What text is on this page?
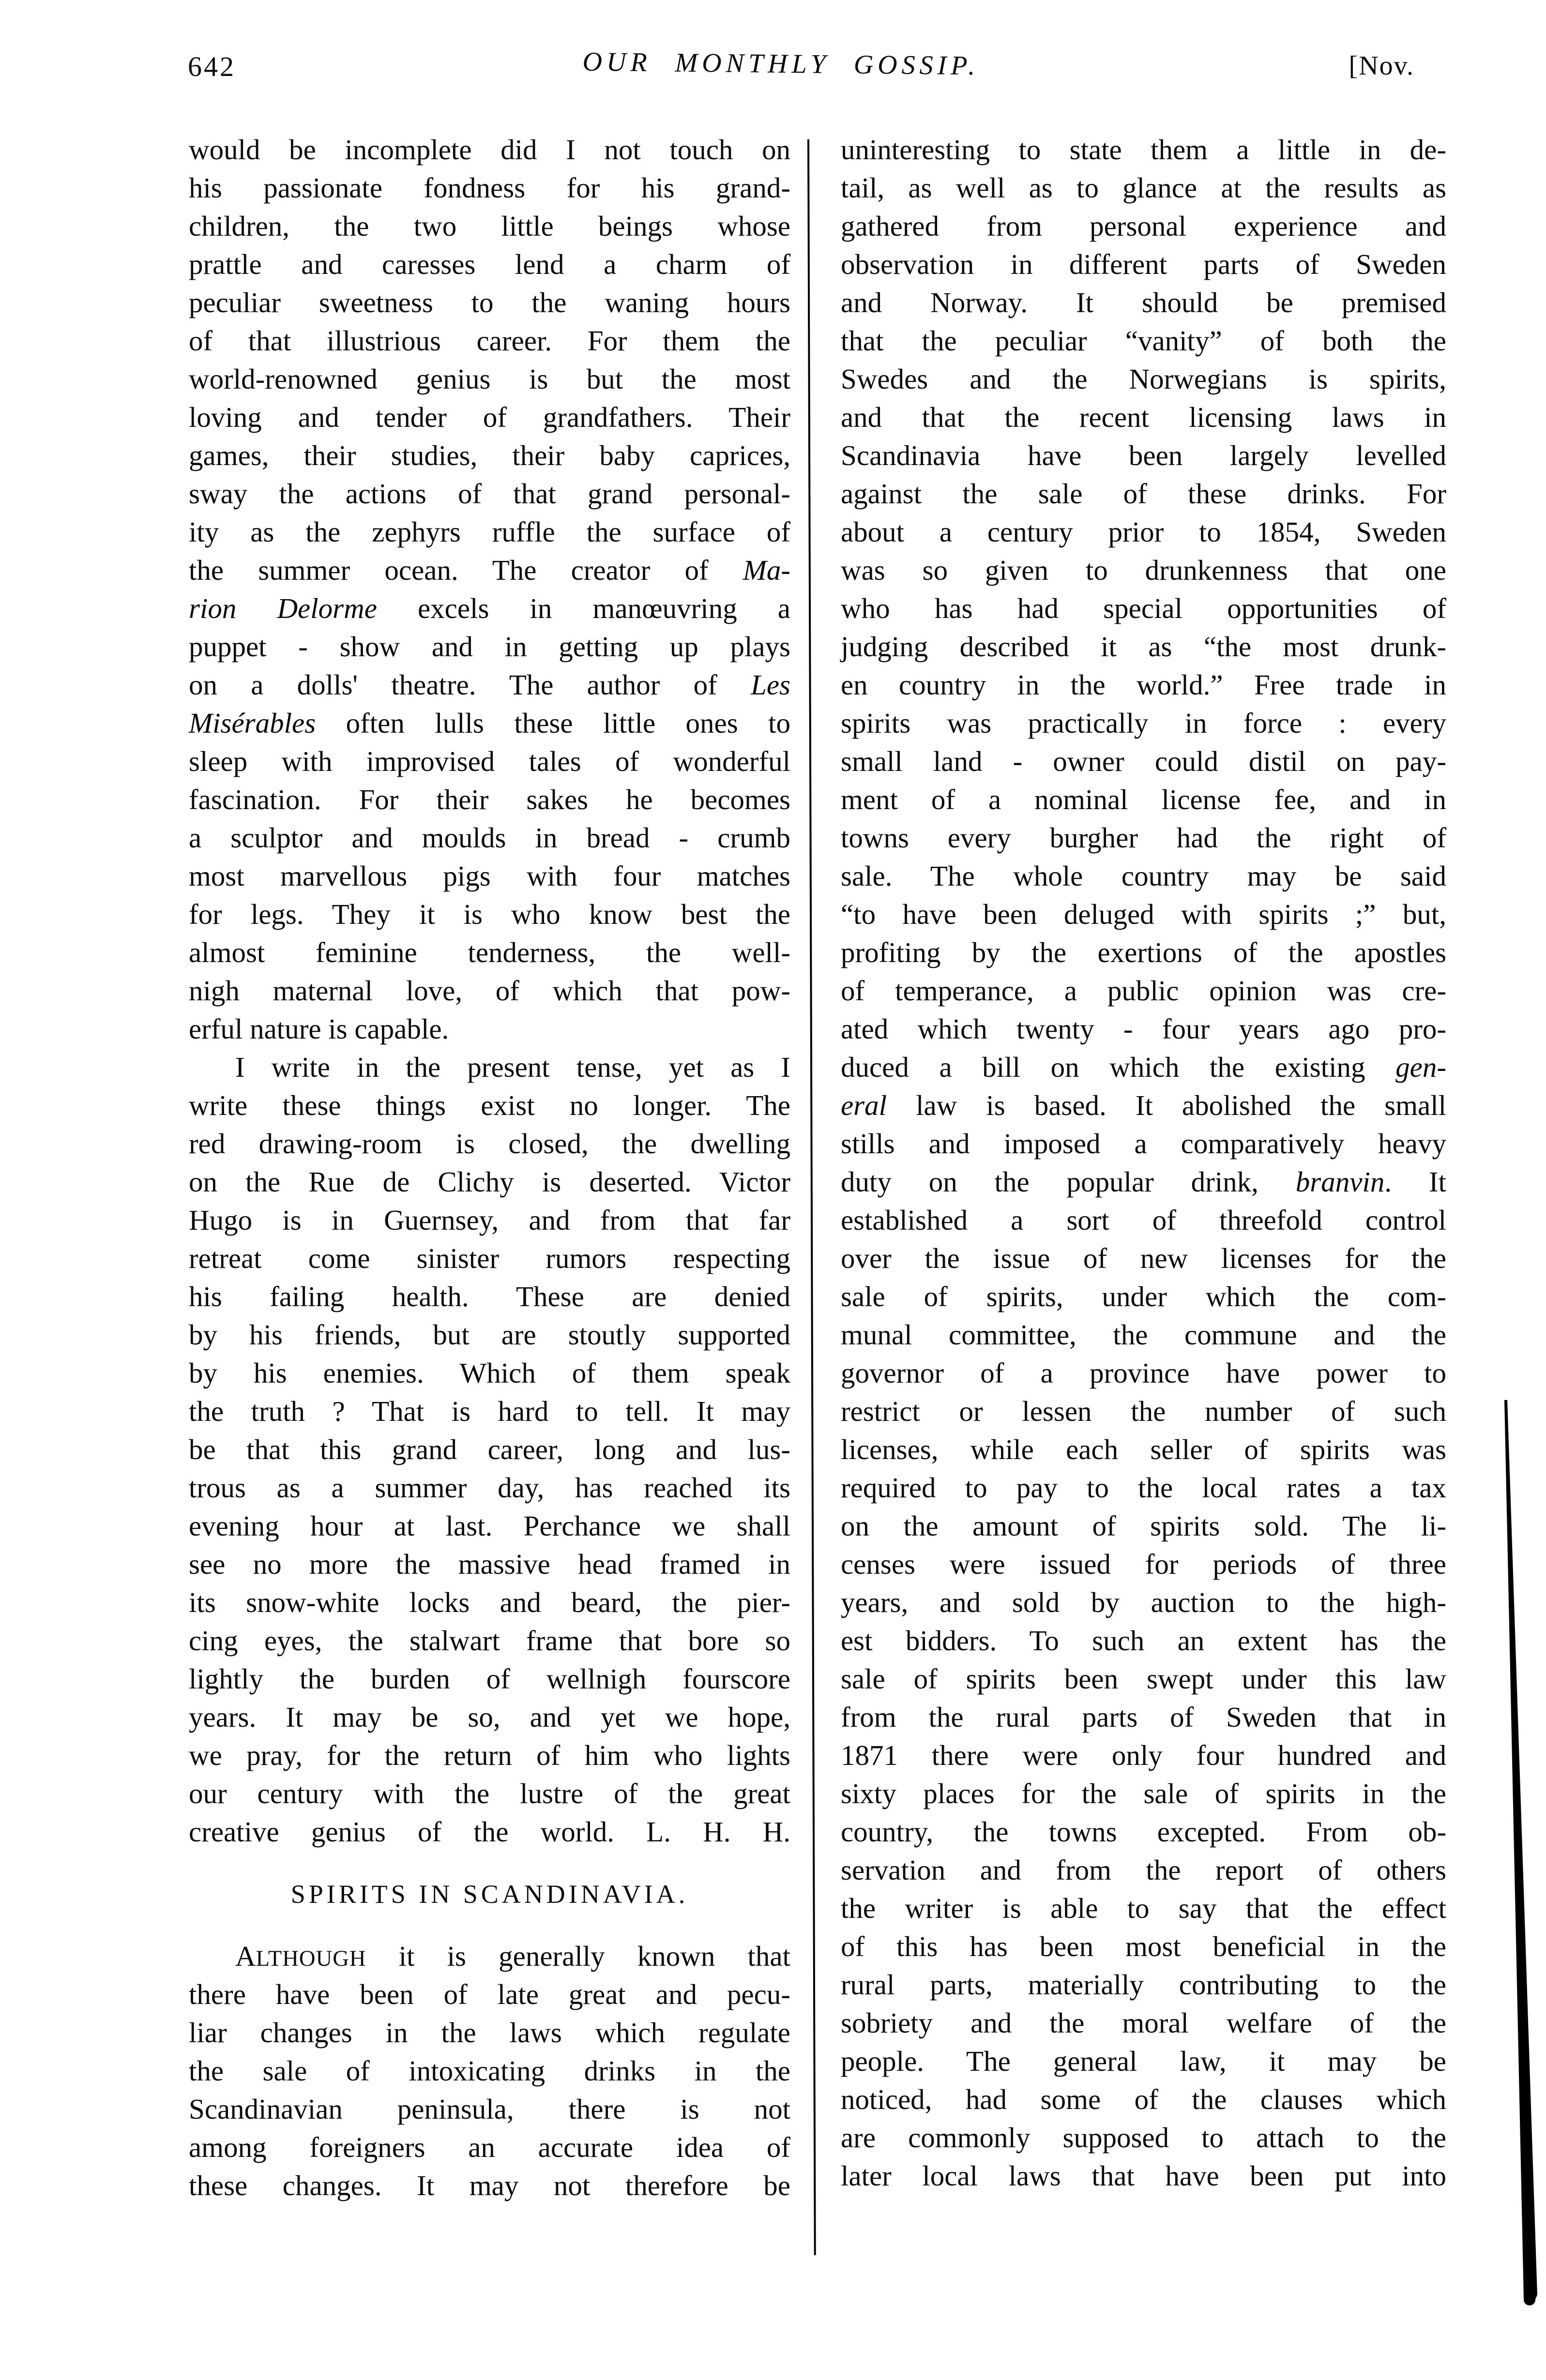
642	OUR MONTHLY GOSSIP.	[Nov.
would be incomplete did I not touch on
his passionate fondness for his grand-
children, the two little beings whose
prattle and caresses lend a charm of
peculiar sweetness to the waning hours
of that illustrious career. For them the
world-renowned genius is but the most
loving and tender of grandfathers. Their
games, their studies, their baby caprices,
sway the actions of that grand personal-
ity as the zephyrs ruffle the surface of
the summer ocean. The creator of Ma-
rion Delorme excels in manœuvring a
puppet - show and in getting up plays
on a dolls' theatre. The author of Les
Misérables often lulls these little ones to
sleep with improvised tales of wonderful
fascination. For their sakes he becomes
a sculptor and moulds in bread - crumb
most marvellous pigs with four matches
for legs. They it is who know best the
almost feminine tenderness, the well-
nigh maternal love, of which that pow-
erful nature is capable.
I write in the present tense, yet as I
write these things exist no longer. The
red drawing-room is closed, the dwelling
on the Rue de Clichy is deserted. Victor
Hugo is in Guernsey, and from that far
retreat come sinister rumors respecting
his failing health. These are denied
by his friends, but are stoutly supported
by his enemies. Which of them speak
the truth ? That is hard to tell. It may
be that this grand career, long and lus-
trous as a summer day, has reached its
evening hour at last. Perchance we shall
see no more the massive head framed in
its snow-white locks and beard, the pier-
cing eyes, the stalwart frame that bore so
lightly the burden of wellnigh fourscore
years. It may be so, and yet we hope,
we pray, for the return of him who lights
our century with the lustre of the great
creative genius of the world. L. H. H.
SPIRITS IN SCANDINAVIA.
ALTHOUGH it is generally known that
there have been of late great and pecu-
liar changes in the laws which regulate
the sale of intoxicating drinks in the
Scandinavian peninsula, there is not
among foreigners an accurate idea of
these changes. It may not therefore be
uninteresting to state them a little in de-
tail, as well as to glance at the results as
gathered from personal experience and
observation in different parts of Sweden
and Norway. It should be premised
that the peculiar “vanity” of both the
Swedes and the Norwegians is spirits,
and that the recent licensing laws in
Scandinavia have been largely levelled
against the sale of these drinks. For
about a century prior to 1854, Sweden
was so given to drunkenness that one
who has had special opportunities of
judging described it as “the most drunk-
en country in the world.” Free trade in
spirits was practically in force : every
small land - owner could distil on pay-
ment of a nominal license fee, and in
towns every burgher had the right of
sale. The whole country may be said
“to have been deluged with spirits ;” but,
profiting by the exertions of the apostles
of temperance, a public opinion was cre-
ated which twenty - four years ago pro-
duced a bill on which the existing gen-
eral law is based. It abolished the small
stills and imposed a comparatively heavy
duty on the popular drink, branvin. It
established a sort of threefold control
over the issue of new licenses for the
sale of spirits, under which the com-
munal committee, the commune and the
governor of a province have power to
restrict or lessen the number of such
licenses, while each seller of spirits was
required to pay to the local rates a tax
on the amount of spirits sold. The li-
censes were issued for periods of three
years, and sold by auction to the high-
est bidders. To such an extent has the
sale of spirits been swept under this law
from the rural parts of Sweden that in
1871 there were only four hundred and
sixty places for the sale of spirits in the
country, the towns excepted. From ob-
servation and from the report of others
the writer is able to say that the effect
of this has been most beneficial in the
rural parts, materially contributing to the
sobriety and the moral welfare of the
people. The general law, it may be
noticed, had some of the clauses which
are commonly supposed to attach to the
later local laws that have been put into
